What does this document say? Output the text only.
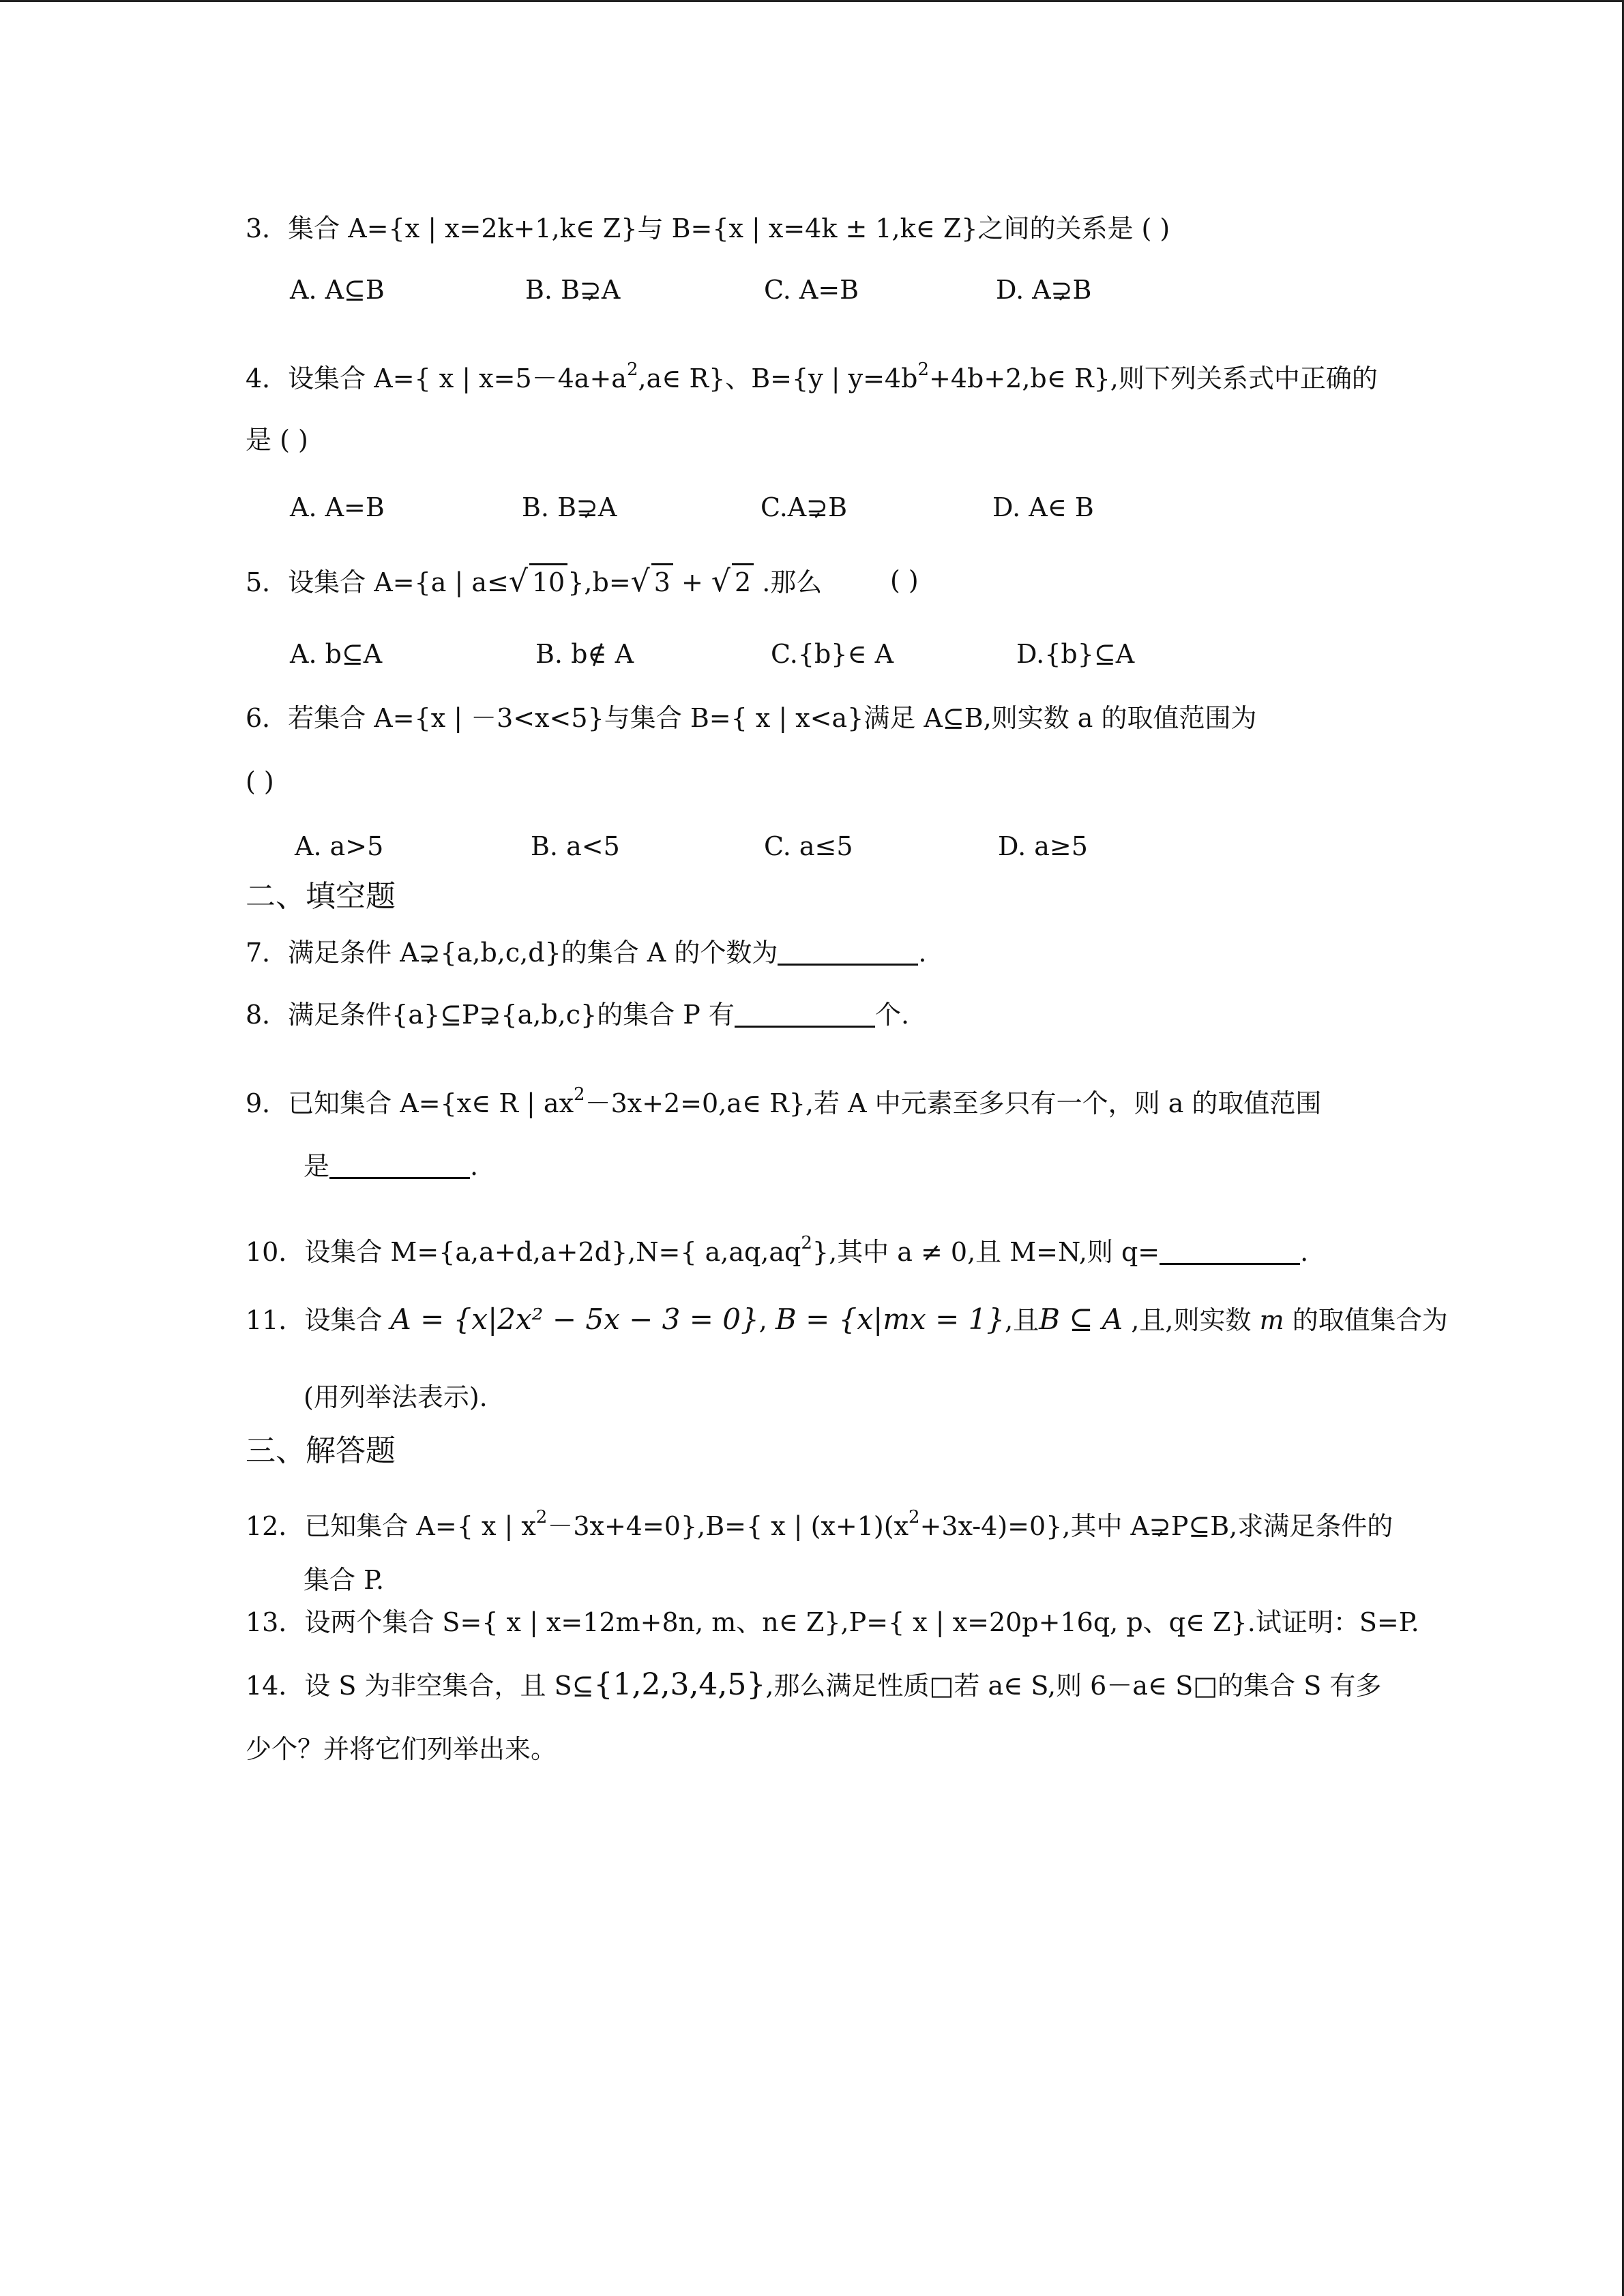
3．集合 A={x | x=2k+1,k∈ Z}与 B={x | x=4k ± 1,k∈ Z}之间的关系是 ( )
A. A⊆B	B. B⊋A	C. A=B	D. A⊋B
4．设集合 A={ x | $x=5-4a+a^2,a\in$ R}、B={y | $y=4b^2+4b+2,b\in$ R},则下列关系式中正确的
是 ( )
A. A=B	B. B⊋A	C.A⊋B	D. A∈ B
5．设集合 A={a | a≤√ 10 },b=√ 3 + √ 2 .那么	( )
A. b⊆A	B. b∉ A	C.{b}∈ A	D.{b}⊆A
6．若集合 A={x | －3<x<5}与集合 B={ x | x<a}满足 A⊆B,则实数 a 的取值范围为
( )
A. a>5	B. a<5	C. a≤5	D. a≥5
二、填空题
7．满足条件 A⊋{a,b,c,d}的集合 A 的个数为	.
8．满足条件{a}⊆P⊋{a,b,c}的集合 P 有	个.
9．已知集合 A={x∈ R | $ax^2-3x+2=0,a\in$ R},若 A 中元素至多只有一个，则 a 的取值范围
是	.
10．设集合 M={a,a+d,a+2d},N={ $a,aq,aq^2$},其中 a ≠ 0,且 M=N,则 q=	.
11．设集合 A = {x|2x² − 5x − 3 = 0}, B = {x|mx = 1},且B ⊆ A ,且,则实数 m 的取值集合为
(用列举法表示).
三、解答题
12．已知集合 A={ x | $x^2-3x+4=0\},B=${ x | $(x+1)(x^2+3x-4)=0$},其中 A⊋P⊆B,求满足条件的
集合 P.
13．设两个集合 S={ x | x=12m+8n, m、n∈ Z},P={ x | x=20p+16q, p、q∈ Z}.试证明：S=P.
14．设 S 为非空集合，且 S⊆{1,2,3,4,5},那么满足性质□若 a∈ S,则 6－a∈ S□的集合 S 有多
少个？并将它们列举出来。
